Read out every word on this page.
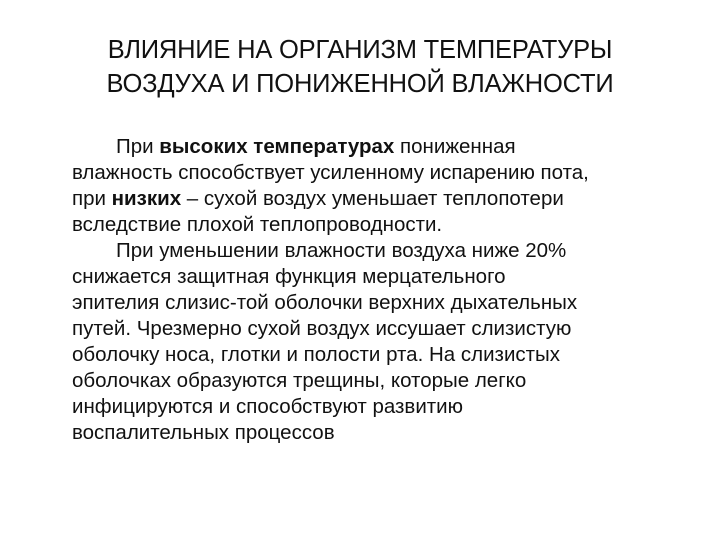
ВЛИЯНИЕ НА ОРГАНИЗМ ТЕМПЕРАТУРЫ
ВОЗДУХА И ПОНИЖЕННОЙ ВЛАЖНОСТИ
При высоких температурах пониженная
влажность способствует усиленному испарению пота,
при низких – сухой воздух уменьшает теплопотери
вследствие плохой теплопроводности.
При уменьшении влажности воздуха ниже 20%
снижается защитная функция мерцательного
эпителия слизис-той оболочки верхних дыхательных
путей. Чрезмерно сухой воздух иссушает слизистую
оболочку носа, глотки и полости рта. На слизистых
оболочках образуются трещины, которые легко
инфицируются и способствуют развитию
воспалительных процессов
